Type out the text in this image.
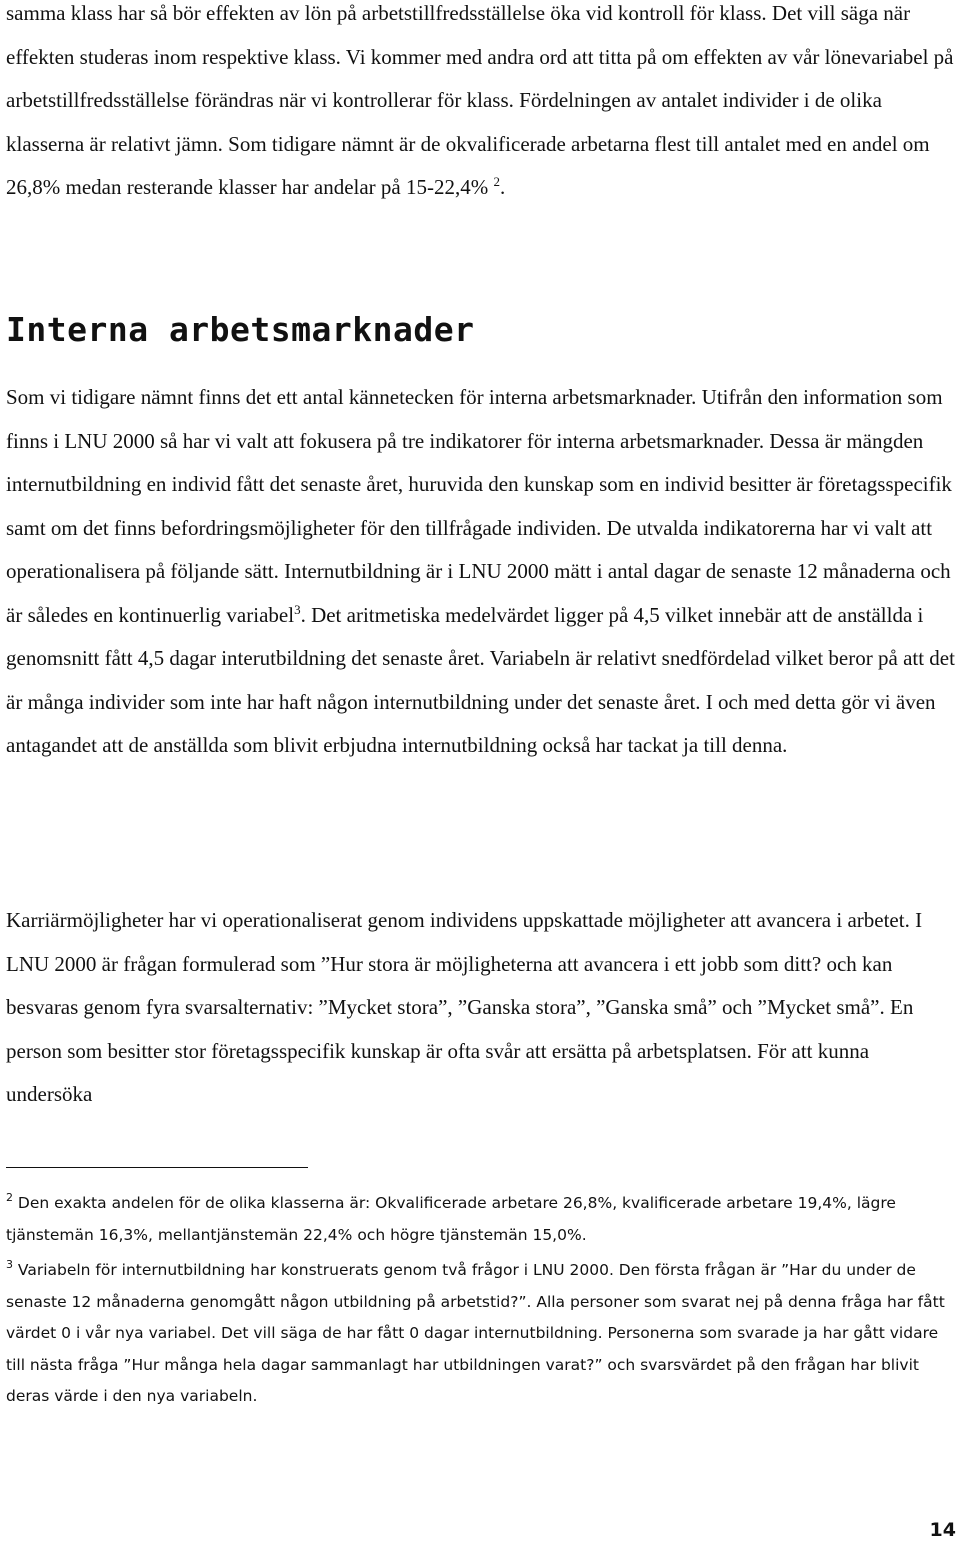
samma klass har så bör effekten av lön på arbetstillfredsställelse öka vid kontroll för klass. Det vill säga när effekten studeras inom respektive klass. Vi kommer med andra ord att titta på om effekten av vår lönevariabel på arbetstillfredsställelse förändras när vi kontrollerar för klass. Fördelningen av antalet individer i de olika klasserna är relativt jämn. Som tidigare nämnt är de okvalificerade arbetarna flest till antalet med en andel om 26,8% medan resterande klasser har andelar på 15-22,4% $^2$.

Interna arbetsmarknader

Som vi tidigare nämnt finns det ett antal kännetecken för interna arbetsmarknader. Utifrån den information som finns i LNU 2000 så har vi valt att fokusera på tre indikatorer för interna arbetsmarknader. Dessa är mängden internutbildning en individ fått det senaste året, huruvida den kunskap som en individ besitter är företagsspecifik samt om det finns befordringsmöjligheter för den tillfrågade individen. De utvalda indikatorerna har vi valt att operationalisera på följande sätt. Internutbildning är i LNU 2000 mätt i antal dagar de senaste 12 månaderna och är således en kontinuerlig variabel$^3$. Det aritmetiska medelvärdet ligger på 4,5 vilket innebär att de anställda i genomsnitt fått 4,5 dagar interutbildning det senaste året. Variabeln är relativt snedfördelad vilket beror på att det är många individer som inte har haft någon internutbildning under det senaste året. I och med detta gör vi även antagandet att de anställda som blivit erbjudna internutbildning också har tackat ja till denna.

Karriärmöjligheter har vi operationaliserat genom individens uppskattade möjligheter att avancera i arbetet. I LNU 2000 är frågan formulerad som ”Hur stora är möjligheterna att avancera i ett jobb som ditt? och kan besvaras genom fyra svarsalternativ: ”Mycket stora”, ”Ganska stora”, ”Ganska små” och ”Mycket små”. En person som besitter stor företagsspecifik kunskap är ofta svår att ersätta på arbetsplatsen. För att kunna undersöka

$^2$ Den exakta andelen för de olika klasserna är: Okvalificerade arbetare 26,8%, kvalificerade arbetare 19,4%, lägre tjänstemän 16,3%, mellantjänstemän 22,4% och högre tjänstemän 15,0%.

$^3$ Variabeln för internutbildning har konstruerats genom två frågor i LNU 2000. Den första frågan är ”Har du under de senaste 12 månaderna genomgått någon utbildning på arbetstid?”. Alla personer som svarat nej på denna fråga har fått värdet 0 i vår nya variabel. Det vill säga de har fått 0 dagar internutbildning. Personerna som svarade ja har gått vidare till nästa fråga ”Hur många hela dagar sammanlagt har utbildningen varat?” och svarsvärdet på den frågan har blivit deras värde i den nya variabeln.

14
